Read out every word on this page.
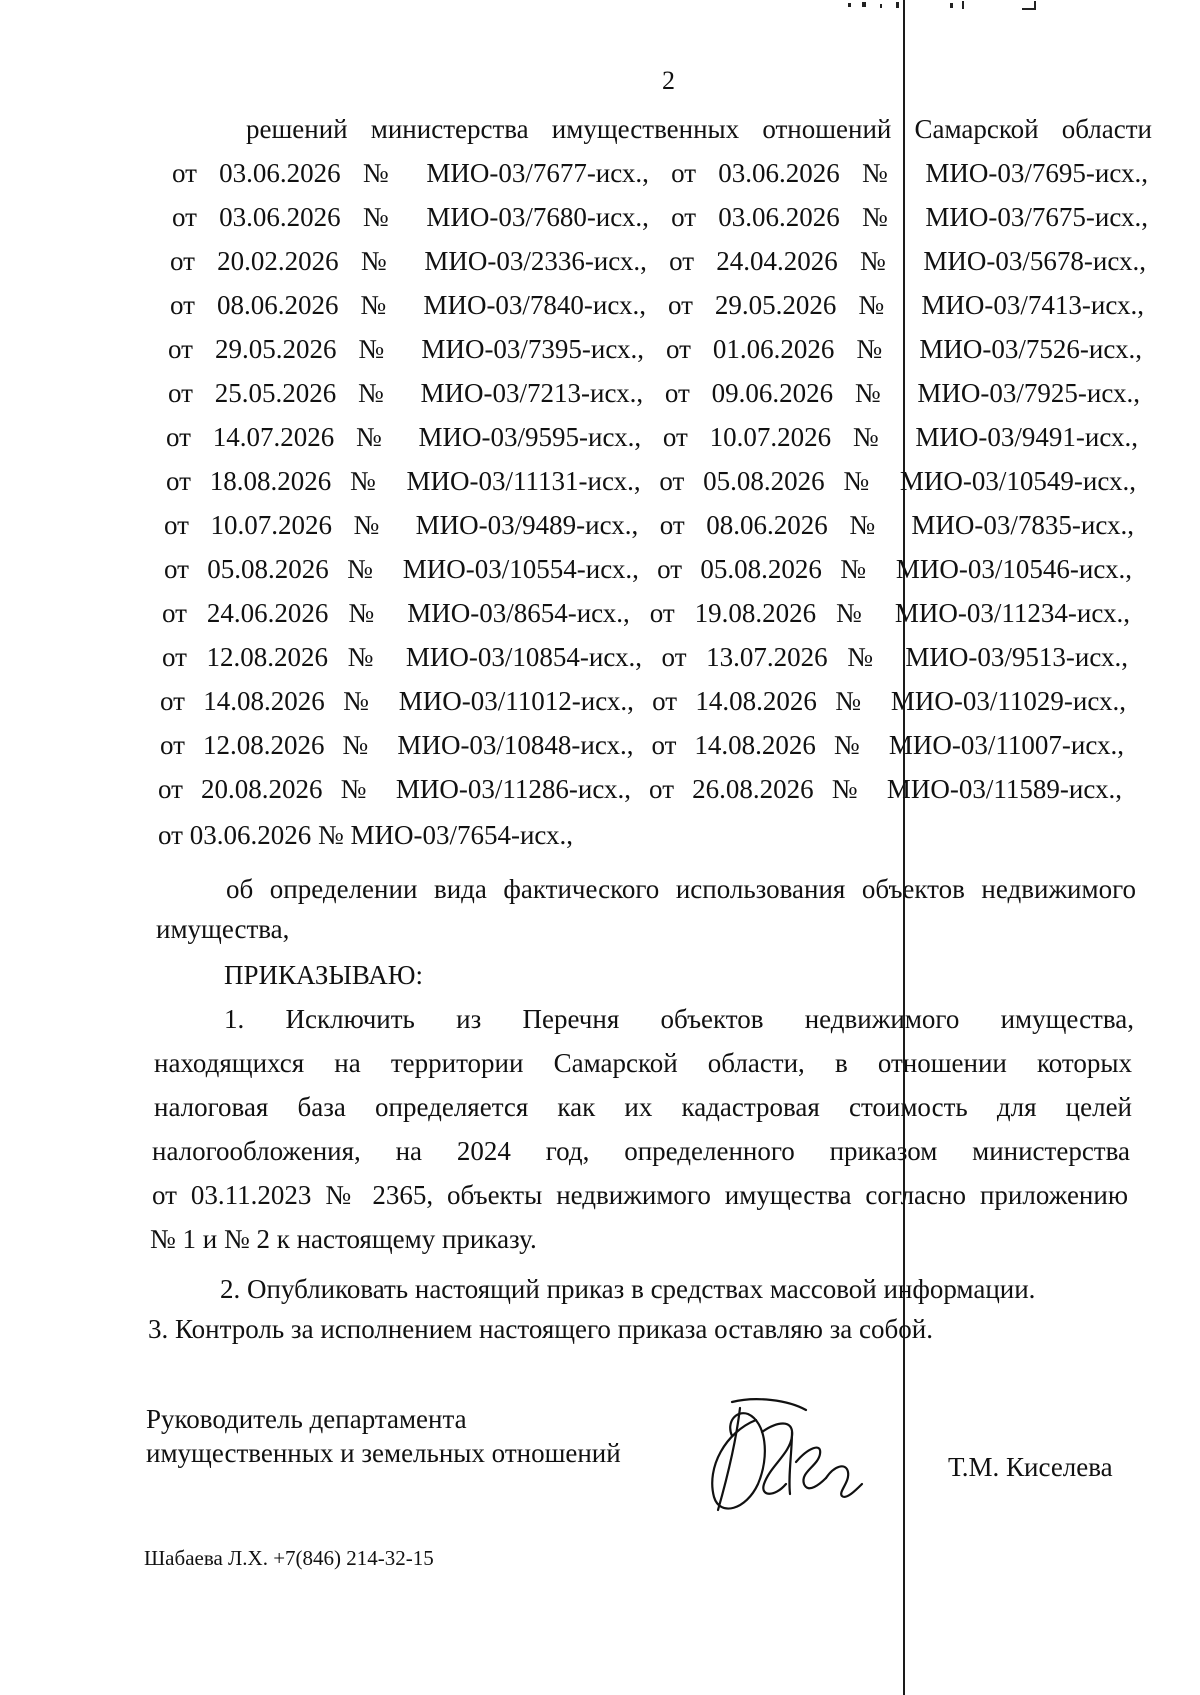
2
решений министерства имущественных отношений Самарской области
от 03.06.2026 № МИО-03/7677-исх., от 03.06.2026 № МИО-03/7695-исх.,
от 03.06.2026 № МИО-03/7680-исх., от 03.06.2026 № МИО-03/7675-исх.,
от 20.02.2026 № МИО-03/2336-исх., от 24.04.2026 № МИО-03/5678-исх.,
от 08.06.2026 № МИО-03/7840-исх., от 29.05.2026 № МИО-03/7413-исх.,
от 29.05.2026 № МИО-03/7395-исх., от 01.06.2026 № МИО-03/7526-исх.,
от 25.05.2026 № МИО-03/7213-исх., от 09.06.2026 № МИО-03/7925-исх.,
от 14.07.2026 № МИО-03/9595-исх., от 10.07.2026 № МИО-03/9491-исх.,
от 18.08.2026 № МИО-03/11131-исх., от 05.08.2026 № МИО-03/10549-исх.,
от 10.07.2026 № МИО-03/9489-исх., от 08.06.2026 № МИО-03/7835-исх.,
от 05.08.2026 № МИО-03/10554-исх., от 05.08.2026 № МИО-03/10546-исх.,
от 24.06.2026 № МИО-03/8654-исх., от 19.08.2026 № МИО-03/11234-исх.,
от 12.08.2026 № МИО-03/10854-исх., от 13.07.2026 № МИО-03/9513-исх.,
от 14.08.2026 № МИО-03/11012-исх., от 14.08.2026 № МИО-03/11029-исх.,
от 12.08.2026 № МИО-03/10848-исх., от 14.08.2026 № МИО-03/11007-исх.,
от 20.08.2026 № МИО-03/11286-исх., от 26.08.2026 № МИО-03/11589-исх.,
от 03.06.2026 № МИО-03/7654-исх.,
об определении вида фактического использования объектов недвижимого
имущества,
ПРИКАЗЫВАЮ:
1. Исключить из Перечня объектов недвижимого имущества,
находящихся на территории Самарской области, в отношении которых
налоговая база определяется как их кадастровая стоимость для целей
налогообложения, на 2024 год, определенного приказом министерства
от 03.11.2023 № 2365, объекты недвижимого имущества согласно приложению
№ 1 и № 2 к настоящему приказу.
2. Опубликовать настоящий приказ в средствах массовой информации.
3. Контроль за исполнением настоящего приказа оставляю за собой.
Руководитель департамента
имущественных и земельных отношений	Т.М. Киселева
Шабаева Л.Х. +7(846) 214-32-15
